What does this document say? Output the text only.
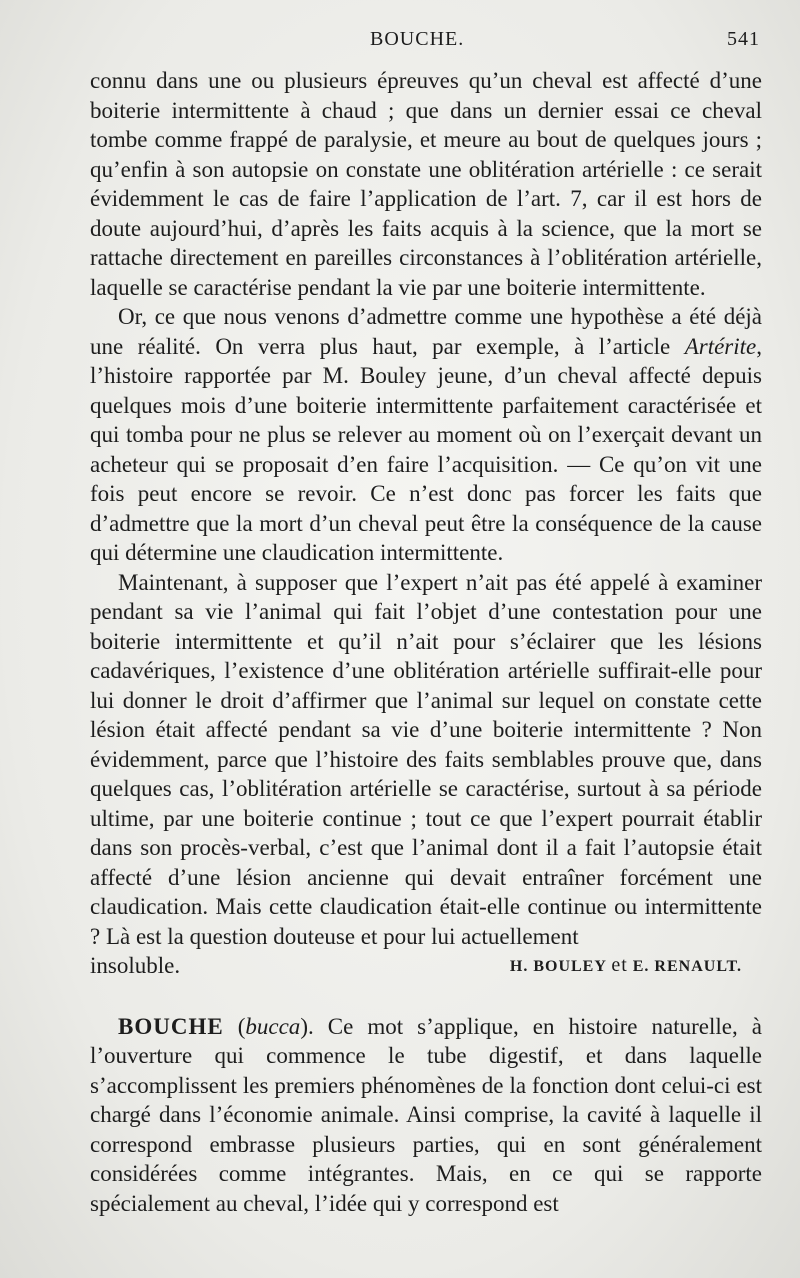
BOUCHE.	541

connu dans une ou plusieurs épreuves qu’un cheval est affecté d’une boiterie intermittente à chaud ; que dans un dernier essai ce cheval tombe comme frappé de paralysie, et meure au bout de quelques jours ; qu’enfin à son autopsie on constate une oblitération artérielle : ce serait évidemment le cas de faire l’application de l’art. 7, car il est hors de doute aujourd’hui, d’après les faits acquis à la science, que la mort se rattache directement en pareilles circonstances à l’oblitération artérielle, laquelle se caractérise pendant la vie par une boiterie intermittente.

Or, ce que nous venons d’admettre comme une hypothèse a été déjà une réalité. On verra plus haut, par exemple, à l’article Artérite, l’histoire rapportée par M. Bouley jeune, d’un cheval affecté depuis quelques mois d’une boiterie intermittente parfaitement caractérisée et qui tomba pour ne plus se relever au moment où on l’exerçait devant un acheteur qui se proposait d’en faire l’acquisition. — Ce qu’on vit une fois peut encore se revoir. Ce n’est donc pas forcer les faits que d’admettre que la mort d’un cheval peut être la conséquence de la cause qui détermine une claudication intermittente.

Maintenant, à supposer que l’expert n’ait pas été appelé à examiner pendant sa vie l’animal qui fait l’objet d’une contestation pour une boiterie intermittente et qu’il n’ait pour s’éclairer que les lésions cadavériques, l’existence d’une oblitération artérielle suffirait-elle pour lui donner le droit d’affirmer que l’animal sur lequel on constate cette lésion était affecté pendant sa vie d’une boiterie intermittente ? Non évidemment, parce que l’histoire des faits semblables prouve que, dans quelques cas, l’oblitération artérielle se caractérise, surtout à sa période ultime, par une boiterie continue ; tout ce que l’expert pourrait établir dans son procès-verbal, c’est que l’animal dont il a fait l’autopsie était affecté d’une lésion ancienne qui devait entraîner forcément une claudication. Mais cette claudication était-elle continue ou intermittente ? Là est la question douteuse et pour lui actuellement

insoluble.	H. BOULEY et E. RENAULT.

BOUCHE (bucca). Ce mot s’applique, en histoire naturelle, à l’ouverture qui commence le tube digestif, et dans laquelle s’accomplissent les premiers phénomènes de la fonction dont celui-ci est chargé dans l’économie animale. Ainsi comprise, la cavité à laquelle il correspond embrasse plusieurs parties, qui en sont généralement considérées comme intégrantes. Mais, en ce qui se rapporte spécialement au cheval, l’idée qui y correspond est
